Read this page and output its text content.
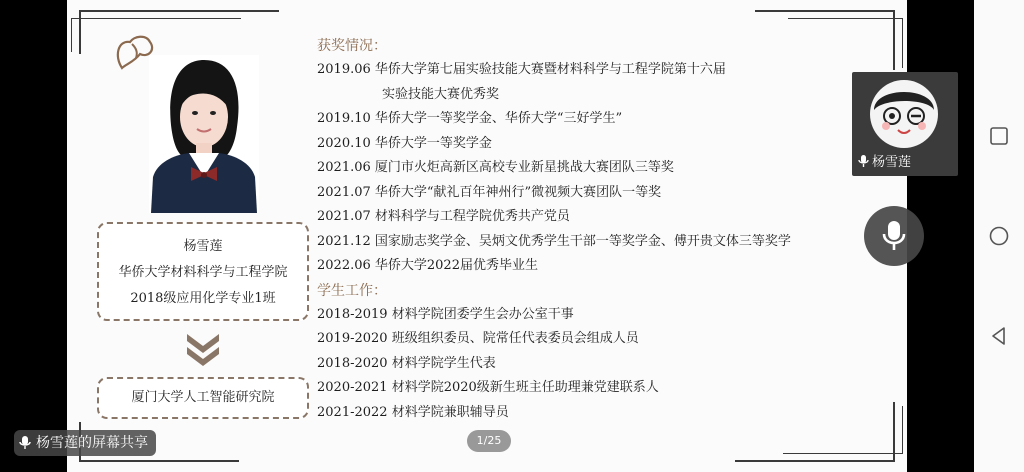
杨雪莲
华侨大学材料科学与工程学院
2018级应用化学专业1班
厦门大学人工智能研究院
获奖情况：
2019.06 华侨大学第七届实验技能大赛暨材料科学与工程学院第十六届
实验技能大赛优秀奖
2019.10 华侨大学一等奖学金、华侨大学“三好学生”
2020.10 华侨大学一等奖学金
2021.06 厦门市火炬高新区高校专业新星挑战大赛团队三等奖
2021.07 华侨大学“献礼百年神州行”微视频大赛团队一等奖
2021.07 材料科学与工程学院优秀共产党员
2021.12 国家励志奖学金、吴炳文优秀学生干部一等奖学金、傅开贵文体三等奖学
2022.06 华侨大学2022届优秀毕业生
学生工作：
2018-2019 材料学院团委学生会办公室干事
2019-2020 班级组织委员、院常任代表委员会组成人员
2018-2020 材料学院学生代表
2020-2021 材料学院2020级新生班主任助理兼党建联系人
2021-2022 材料学院兼职辅导员
1/25
杨雪莲的屏幕共享
杨雪莲
